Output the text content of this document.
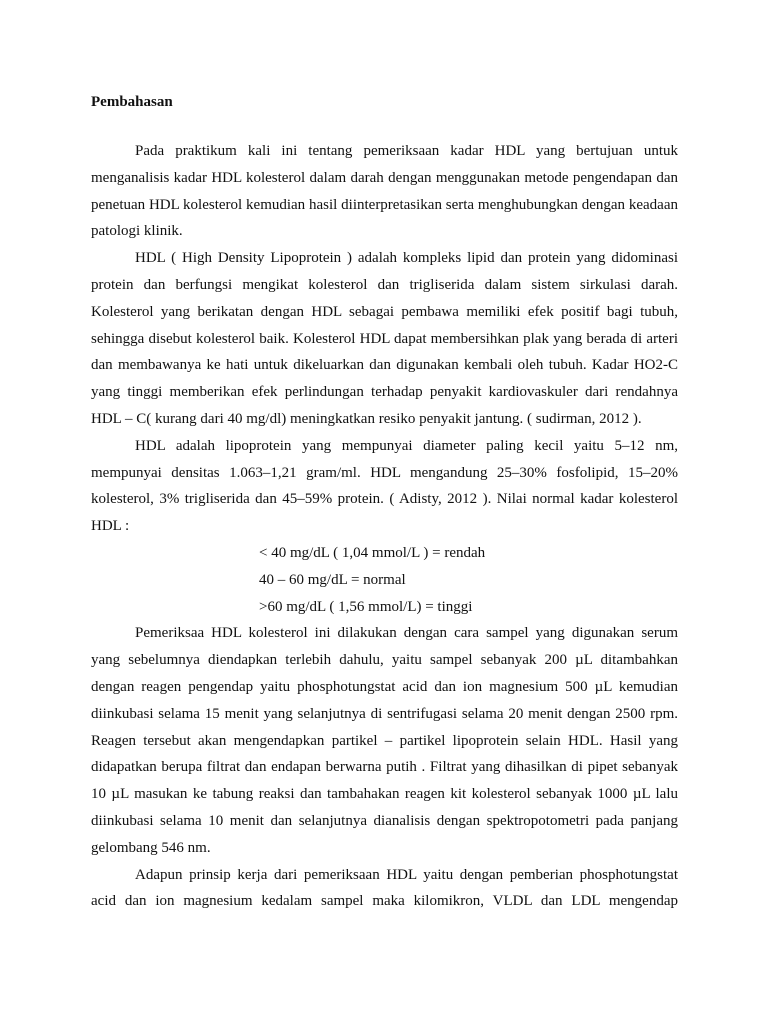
Pembahasan

Pada praktikum kali ini tentang pemeriksaan kadar HDL yang bertujuan untuk menganalisis kadar HDL kolesterol dalam darah dengan menggunakan metode pengendapan dan penetuan HDL kolesterol kemudian hasil diinterpretasikan serta menghubungkan dengan keadaan patologi klinik.

HDL ( High Density Lipoprotein ) adalah kompleks lipid dan protein yang didominasi protein dan berfungsi mengikat kolesterol dan trigliserida dalam sistem sirkulasi darah. Kolesterol yang berikatan dengan HDL sebagai pembawa memiliki efek positif bagi tubuh, sehingga disebut kolesterol baik. Kolesterol HDL dapat membersihkan plak yang berada di arteri dan membawanya ke hati untuk dikeluarkan dan digunakan kembali oleh tubuh. Kadar HO2-C yang tinggi memberikan efek perlindungan terhadap penyakit kardiovaskuler dari rendahnya HDL – C( kurang dari 40 mg/dl) meningkatkan resiko penyakit jantung. ( sudirman, 2012 ).

HDL adalah lipoprotein yang mempunyai diameter paling kecil yaitu 5–12 nm, mempunyai densitas 1.063–1,21 gram/ml. HDL mengandung 25–30% fosfolipid, 15–20% kolesterol, 3% trigliserida dan 45–59% protein. ( Adisty, 2012 ). Nilai normal kadar kolesterol HDL :

< 40 mg/dL ( 1,04 mmol/L ) = rendah
40 – 60 mg/dL = normal
>60 mg/dL ( 1,56 mmol/L) = tinggi

Pemeriksaa HDL kolesterol ini dilakukan dengan cara sampel yang digunakan serum yang sebelumnya diendapkan terlebih dahulu, yaitu sampel sebanyak 200 µL ditambahkan dengan reagen pengendap yaitu phosphotungstat acid dan ion magnesium 500 µL kemudian diinkubasi selama 15 menit yang selanjutnya di sentrifugasi selama 20 menit dengan 2500 rpm. Reagen tersebut akan mengendapkan partikel – partikel lipoprotein selain HDL. Hasil yang didapatkan berupa filtrat dan endapan berwarna putih . Filtrat yang dihasilkan di pipet sebanyak 10 µL masukan ke tabung reaksi dan tambahakan reagen kit kolesterol sebanyak 1000 µL lalu diinkubasi selama 10 menit dan selanjutnya dianalisis dengan spektropotometri pada panjang gelombang 546 nm.

Adapun prinsip kerja dari pemeriksaan HDL yaitu dengan pemberian phosphotungstat acid dan ion magnesium kedalam sampel maka kilomikron, VLDL dan LDL mengendap
